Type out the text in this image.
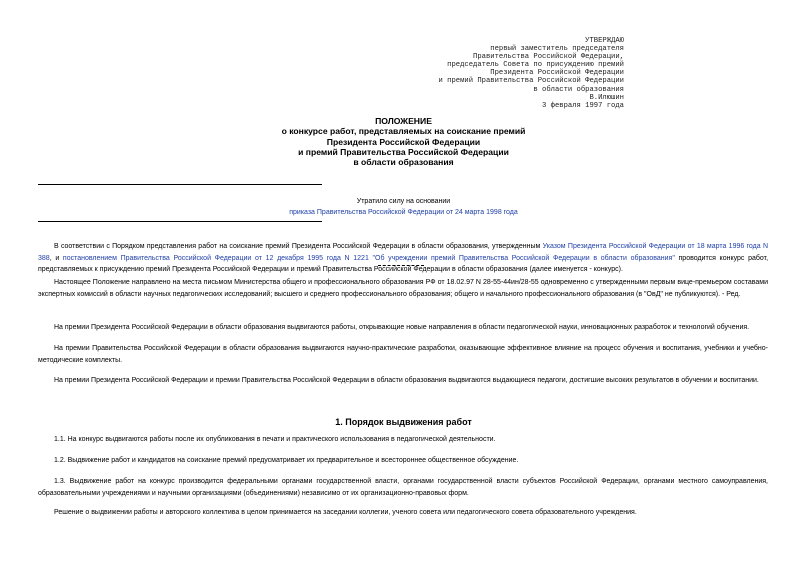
УТВЕРЖДАЮ
первый заместитель председателя
Правительства Российской Федерации,
председатель Совета по присуждению премий
Президента Российской Федерации
и премий Правительства Российской Федерации
в области образования
В.Илюшин
3 февраля 1997 года
ПОЛОЖЕНИЕ
о конкурсе работ, представляемых на соискание премий
Президента Российской Федерации
и премий Правительства Российской Федерации
в области образования
Утратило силу на основании
приказа Правительства Российской Федерации от 24 марта 1998 года
В соответствии с Порядком представления работ на соискание премий Президента Российской Федерации в области образования, утвержденным Указом Президента Российской Федерации от 18 марта 1996 года N 388, и постановлением Правительства Российской Федерации от 12 декабря 1995 года N 1221 "Об учреждении премий Правительства Российской Федерации в области образования" проводится конкурс работ, представляемых к присуждению премий Президента Российской Федерации и премий Правительства Российской Федерации в области образования (далее именуется - конкурс).
Настоящее Положение направлено на места письмом Министерства общего и профессионального образования РФ от 18.02.97 N 28-55-44ин/28-55 одновременно с утвержденными первым вице-премьером составами экспертных комиссий в области научных педагогических исследований; высшего и среднего профессионального образования; общего и начального профессионального образования (в "ОвД" не публикуются). - Ред.
На премии Президента Российской Федерации в области образования выдвигаются работы, открывающие новые направления в области педагогической науки, инновационных разработок и технологий обучения.
На премии Правительства Российской Федерации в области образования выдвигаются научно-практические разработки, оказывающие эффективное влияние на процесс обучения и воспитания, учебники и учебно-методические комплекты.
На премии Президента Российской Федерации и премии Правительства Российской Федерации в области образования выдвигаются выдающиеся педагоги, достигшие высоких результатов в обучении и воспитании.
1. Порядок выдвижения работ
1.1. На конкурс выдвигаются работы после их опубликования в печати и практического использования в педагогической деятельности.
1.2. Выдвижение работ и кандидатов на соискание премий предусматривает их предварительное и всестороннее общественное обсуждение.
1.3. Выдвижение работ на конкурс производится федеральными органами государственной власти, органами государственной власти субъектов Российской Федерации, органами местного самоуправления, образовательными учреждениями и научными организациями (объединениями) независимо от их организационно-правовых форм.
Решение о выдвижении работы и авторского коллектива в целом принимается на заседании коллегии, ученого совета или педагогического совета образовательного учреждения.
